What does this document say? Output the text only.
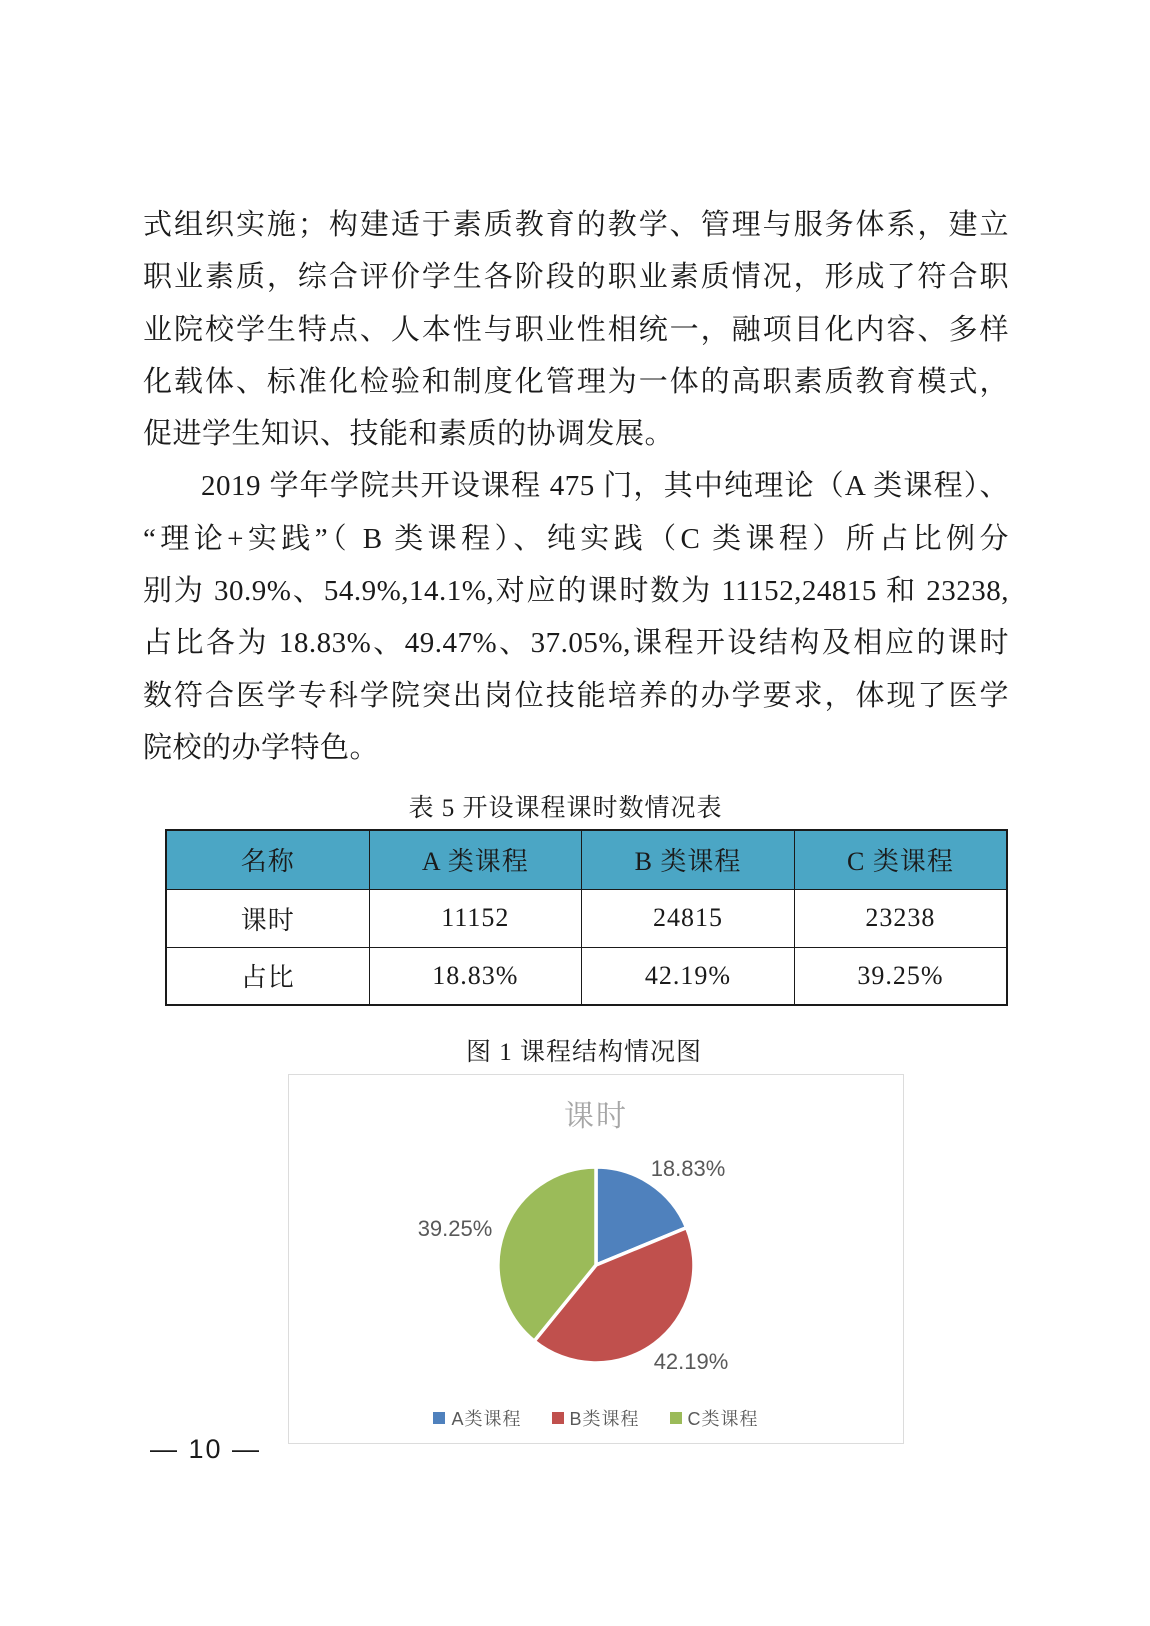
式组织实施；构建适于素质教育的教学、管理与服务体系，建立
职业素质，综合评价学生各阶段的职业素质情况，形成了符合职
业院校学生特点、人本性与职业性相统一，融项目化内容、多样
化载体、标准化检验和制度化管理为一体的高职素质教育模式，
促进学生知识、技能和素质的协调发展。
2019 学年学院共开设课程 475 门，其中纯理论（A 类课程）、
“理论+实践”（ B 类课程）、纯实践（C 类课程）所占比例分
别为 30.9%、54.9%,14.1%,对应的课时数为 11152,24815 和 23238,
占比各为 18.83%、49.47%、37.05%,课程开设结构及相应的课时
数符合医学专科学院突出岗位技能培养的办学要求，体现了医学
院校的办学特色。
表 5 开设课程课时数情况表
名称	A 类课程	B 类课程	C 类课程
课时	11152	24815	23238
占比	18.83%	42.19%	39.25%
图 1 课程结构情况图
课时
18.83%
42.19%
39.25%
A类课程	B类课程	C类课程
— 10 —
